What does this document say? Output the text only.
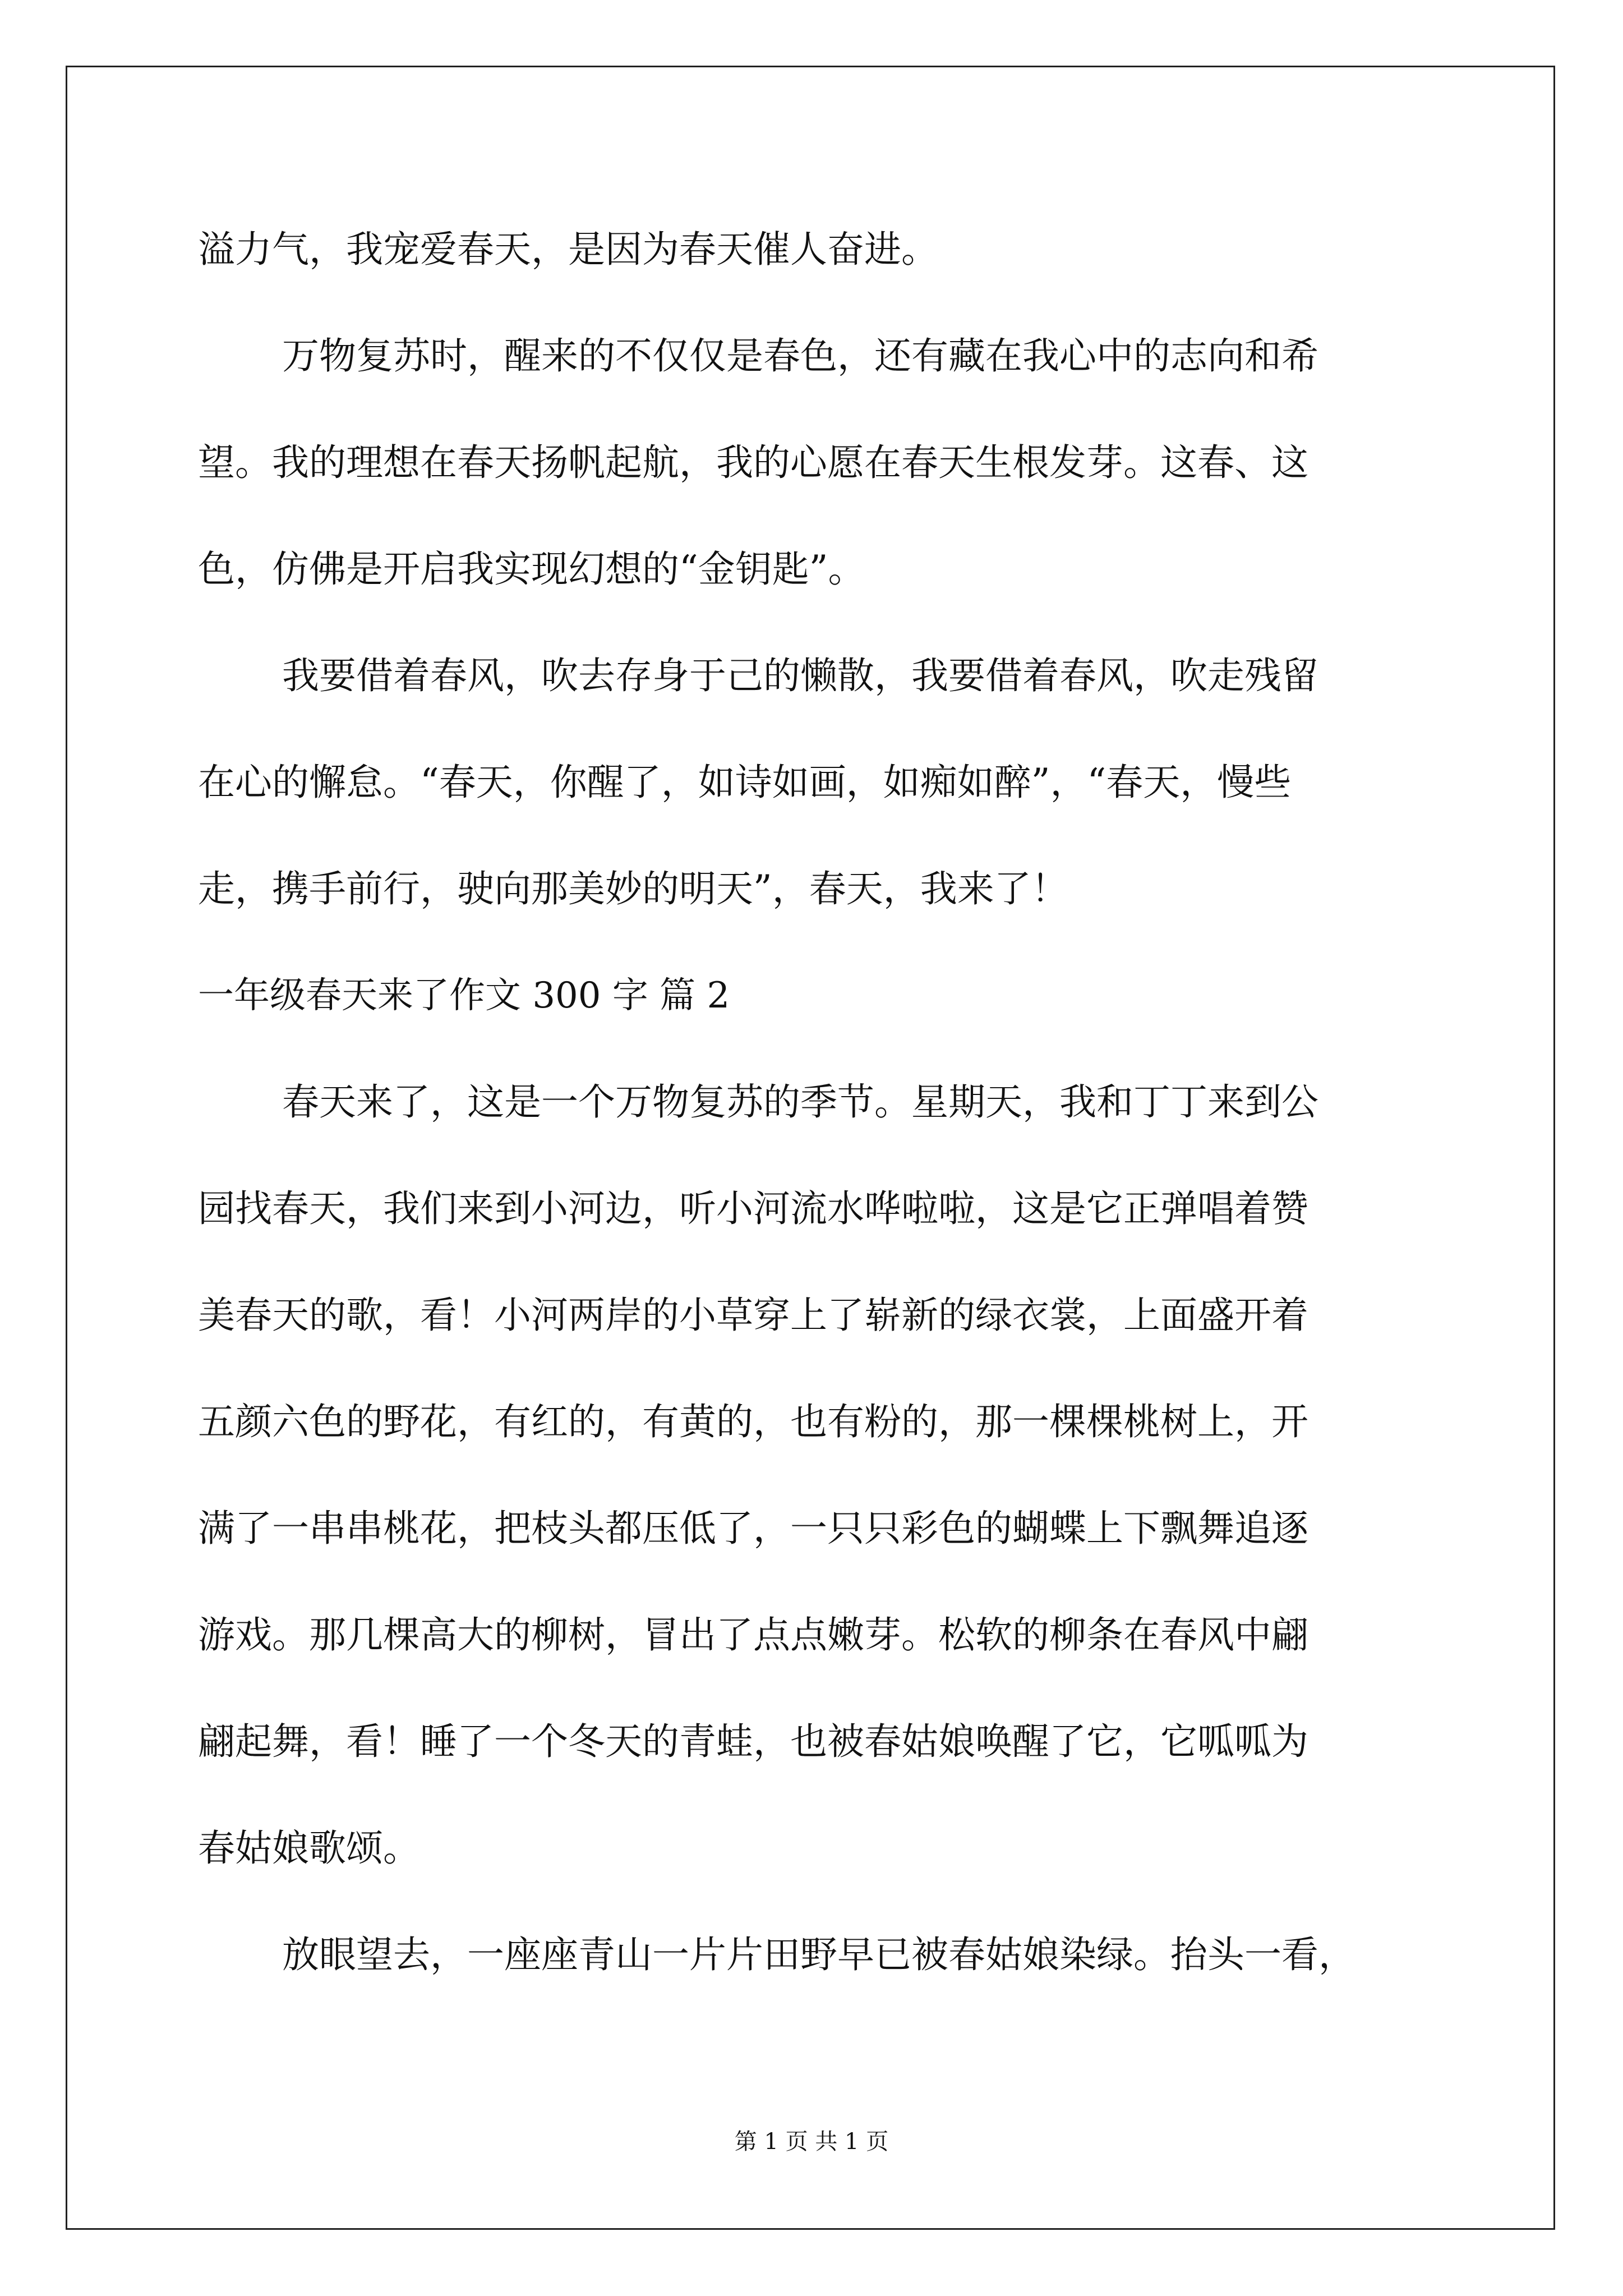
溢力气，我宠爱春天，是因为春天催人奋进。
万物复苏时，醒来的不仅仅是春色，还有藏在我心中的志向和希
望。我的理想在春天扬帆起航，我的心愿在春天生根发芽。这春、这
色，仿佛是开启我实现幻想的“金钥匙”。
我要借着春风，吹去存身于己的懒散，我要借着春风，吹走残留
在心的懈怠。“春天，你醒了，如诗如画，如痴如醉”，“春天，慢些
走，携手前行，驶向那美妙的明天”，春天，我来了！
一年级春天来了作文 300 字 篇 2
春天来了，这是一个万物复苏的季节。星期天，我和丁丁来到公
园找春天，我们来到小河边，听小河流水哗啦啦，这是它正弹唱着赞
美春天的歌，看！小河两岸的小草穿上了崭新的绿衣裳，上面盛开着
五颜六色的野花，有红的，有黄的，也有粉的，那一棵棵桃树上，开
满了一串串桃花，把枝头都压低了，一只只彩色的蝴蝶上下飘舞追逐
游戏。那几棵高大的柳树，冒出了点点嫩芽。松软的柳条在春风中翩
翩起舞，看！睡了一个冬天的青蛙，也被春姑娘唤醒了它，它呱呱为
春姑娘歌颂。
放眼望去，一座座青山一片片田野早已被春姑娘染绿。抬头一看，
第 1 页 共 1 页
